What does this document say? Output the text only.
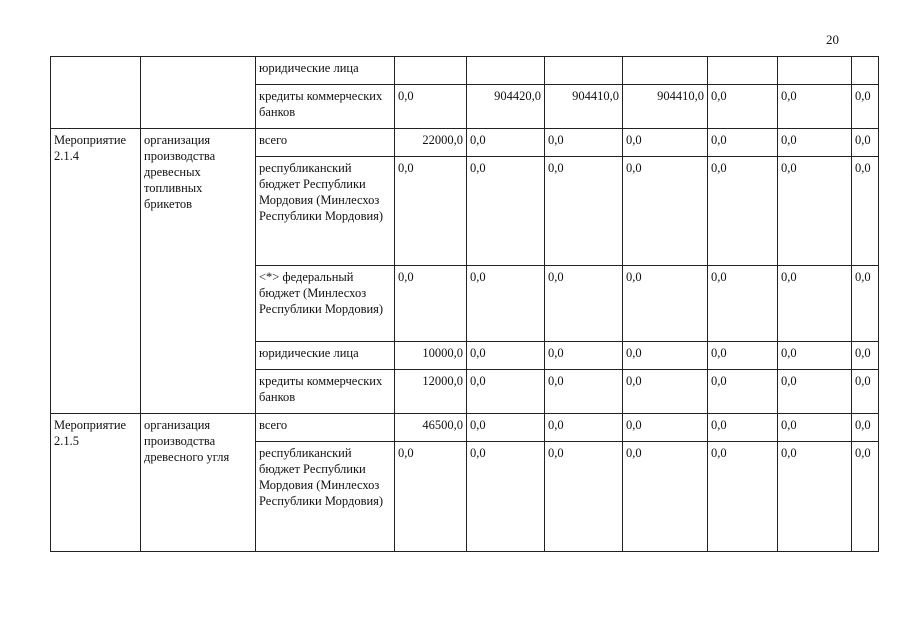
20
		юридические лица							
		кредиты коммерческих банков	0,0	904420,0	904410,0	904410,0	0,0	0,0	0,0
Мероприятие 2.1.4	организация производства древесных топливных брикетов	всего	22000,0	0,0	0,0	0,0	0,0	0,0	0,0
		республиканский бюджет Республики Мордовия (Минлесхоз Республики Мордовия)	0,0	0,0	0,0	0,0	0,0	0,0	0,0
		<*> федеральный бюджет (Минлесхоз Республики Мордовия)	0,0	0,0	0,0	0,0	0,0	0,0	0,0
		юридические лица	10000,0	0,0	0,0	0,0	0,0	0,0	0,0
		кредиты коммерческих банков	12000,0	0,0	0,0	0,0	0,0	0,0	0,0
Мероприятие 2.1.5	организация производства древесного угля	всего	46500,0	0,0	0,0	0,0	0,0	0,0	0,0
		республиканский бюджет Республики Мордовия (Минлесхоз Республики Мордовия)	0,0	0,0	0,0	0,0	0,0	0,0	0,0
